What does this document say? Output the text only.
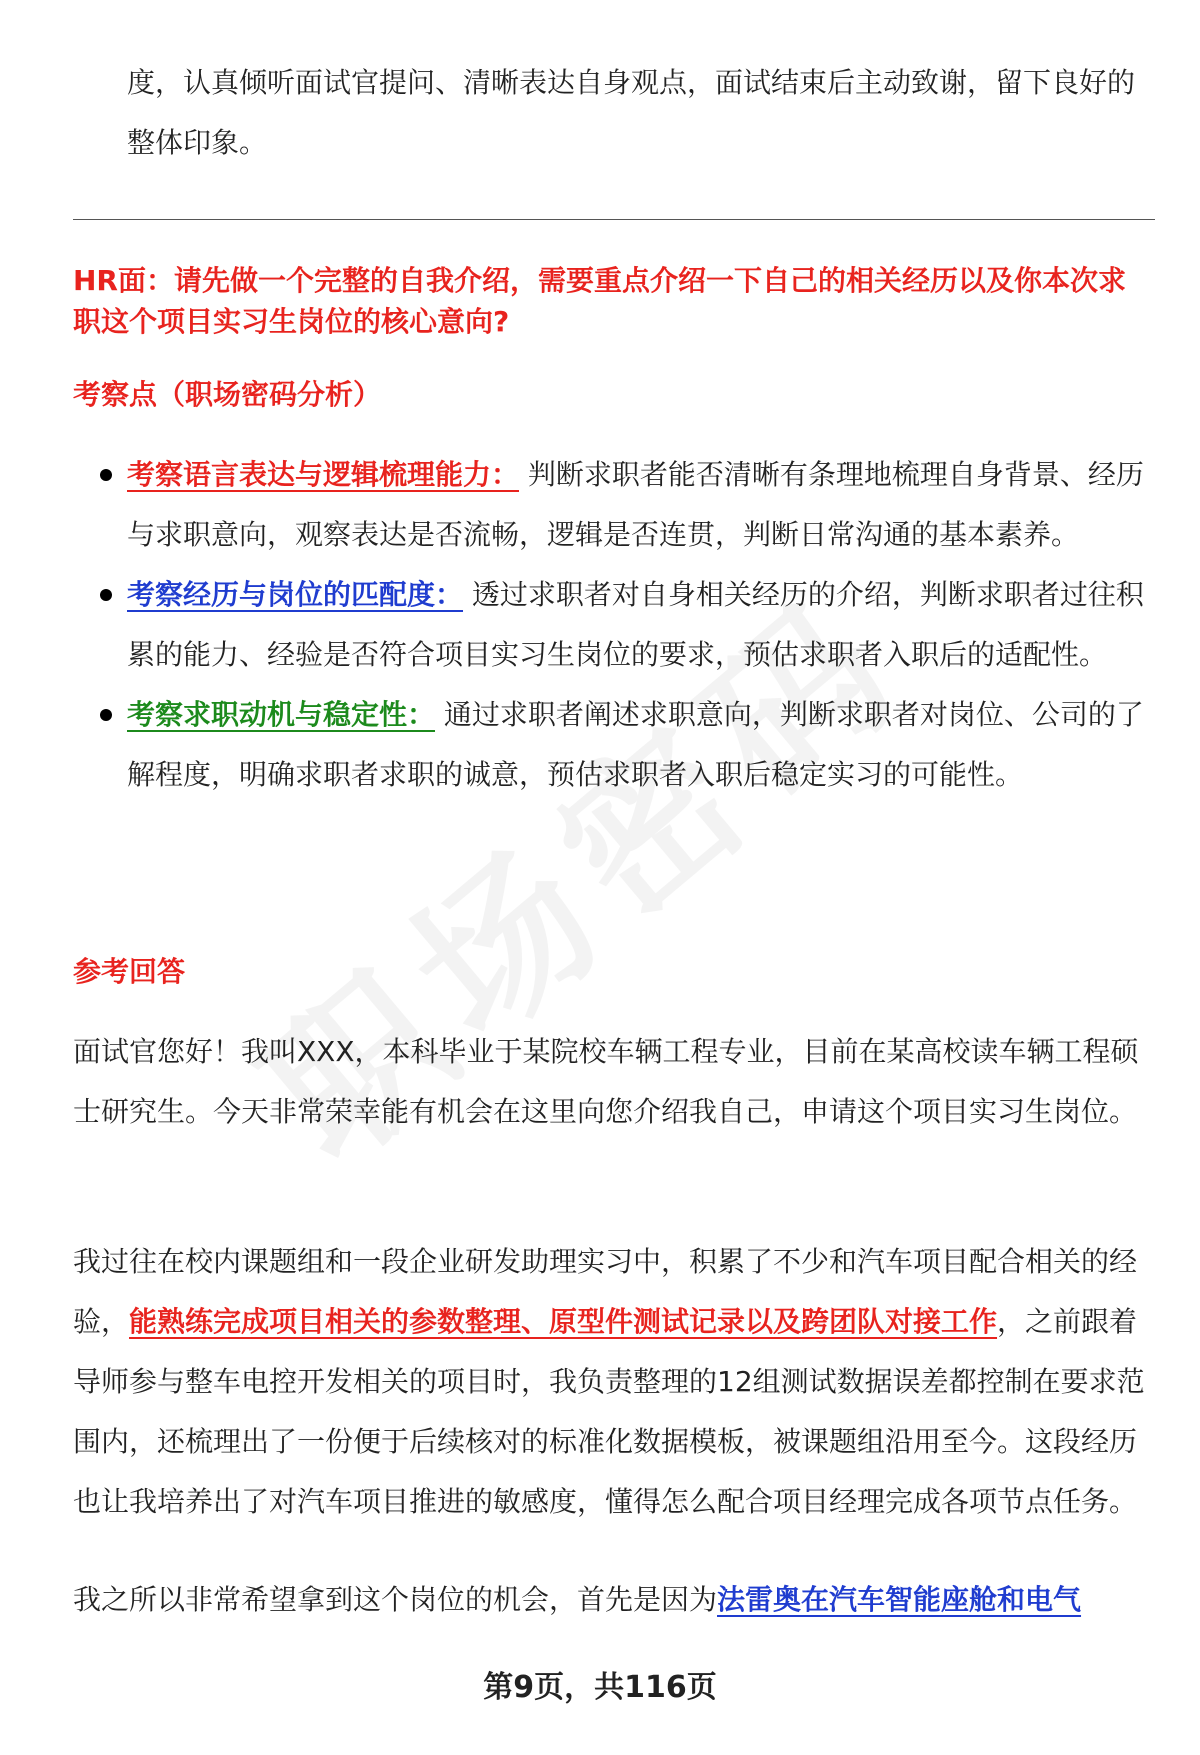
度，认真倾听面试官提问、清晰表达自身观点，面试结束后主动致谢，留下良好的整体印象。

HR面：请先做一个完整的自我介绍，需要重点介绍一下自己的相关经历以及你本次求职这个项目实习生岗位的核心意向?

考察点（职场密码分析）
考察语言表达与逻辑梳理能力： 判断求职者能否清晰有条理地梳理自身背景、经历与求职意向，观察表达是否流畅，逻辑是否连贯，判断日常沟通的基本素养。
考察经历与岗位的匹配度： 透过求职者对自身相关经历的介绍，判断求职者过往积累的能力、经验是否符合项目实习生岗位的要求，预估求职者入职后的适配性。
考察求职动机与稳定性： 通过求职者阐述求职意向，判断求职者对岗位、公司的了解程度，明确求职者求职的诚意，预估求职者入职后稳定实习的可能性。
参考回答

面试官您好！我叫XXX，本科毕业于某院校车辆工程专业，目前在某高校读车辆工程硕士研究生。今天非常荣幸能有机会在这里向您介绍我自己，申请这个项目实习生岗位。

我过往在校内课题组和一段企业研发助理实习中，积累了不少和汽车项目配合相关的经验，能熟练完成项目相关的参数整理、原型件测试记录以及跨团队对接工作，之前跟着导师参与整车电控开发相关的项目时，我负责整理的12组测试数据误差都控制在要求范围内，还梳理出了一份便于后续核对的标准化数据模板，被课题组沿用至今。这段经历也让我培养出了对汽车项目推进的敏感度，懂得怎么配合项目经理完成各项节点任务。

我之所以非常希望拿到这个岗位的机会，首先是因为法雷奥在汽车智能座舱和电气

第9页，共116页
